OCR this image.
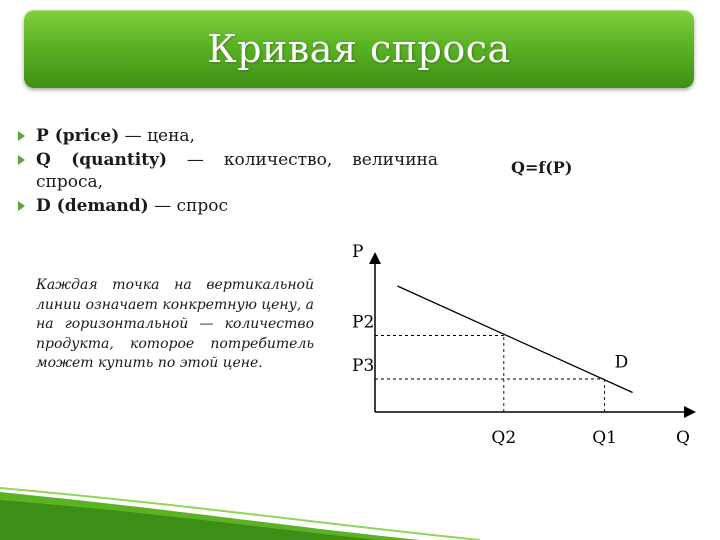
Кривая спроса
P (price) — цена,
Q (quantity) — количество, величина спроса,
D (demand) — спрос
Каждая точка на вертикальной линии означает конкретную цену, а на горизонтальной — количество продукта, которое потребитель может купить по этой цене.
Q=f(P)
D
P2
P3
Q2	Q1
P
Q
